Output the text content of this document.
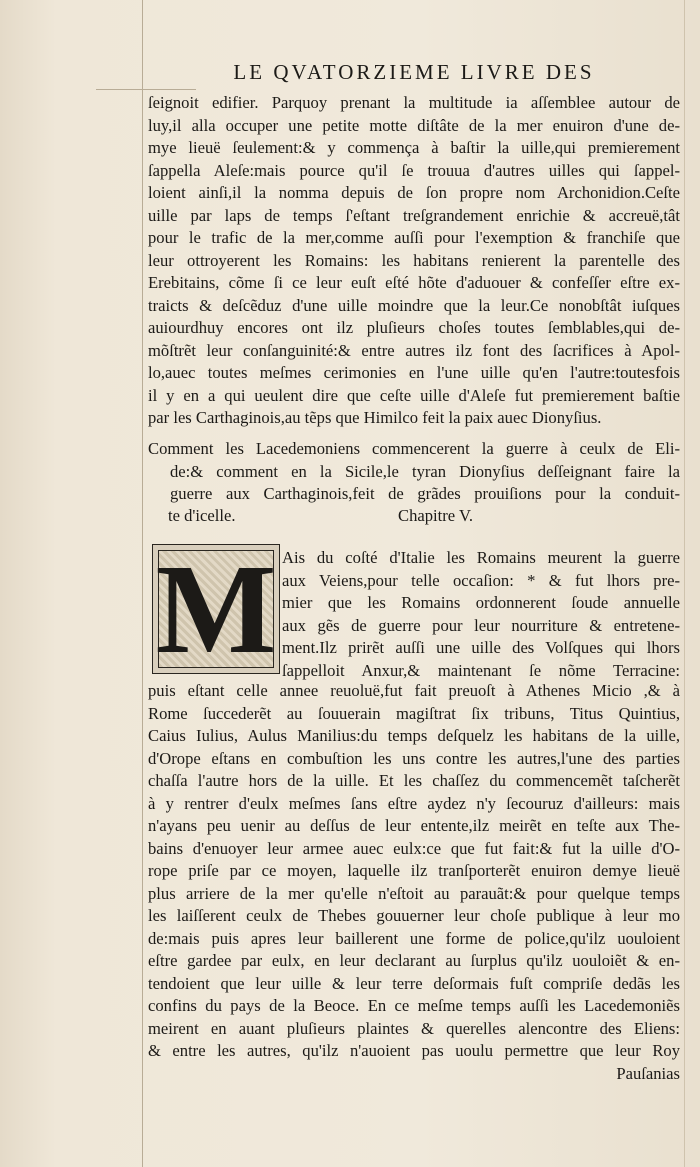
LE QVATORZIEME LIVRE DES
ſeignoit edifier. Parquoy prenant la multitude ia aſſemblee autour de
luy,il alla occuper une petite motte diſtâte de la mer enuiron d'une de-
mye lieuë ſeulement:& y commença à baſtir la uille,qui premierement
ſappella Aleſe:mais pource qu'il ſe trouua d'autres uilles qui ſappel-
loient ainſi,il la nomma depuis de ſon propre nom Archonidion.Ceſte
uille par laps de temps ſ'eſtant treſgrandement enrichie & accreuë,tât
pour le trafic de la mer,comme auſſi pour l'exemption & franchiſe que
leur ottroyerent les Romains: les habitans renierent la parentelle des
Erebitains, cõme ſi ce leur euſt eſté hõte d'aduouer & confeſſer eſtre ex-
traicts & deſcẽduz d'une uille moindre que la leur.Ce nonobſtât iuſques
auiourdhuy encores ont ilz pluſieurs choſes toutes ſemblables,qui de-
mõſtrẽt leur conſanguinité:& entre autres ilz font des ſacrifices à Apol-
lo,auec toutes meſmes cerimonies en l'une uille qu'en l'autre:toutesfois
il y en a qui ueulent dire que ceſte uille d'Aleſe fut premierement baſtie
par les Carthaginois,au tẽps que Himilco feit la paix auec Dionyſius.
Comment les Lacedemoniens commencerent la guerre à ceulx de Eli-
de:& comment en la Sicile,le tyran Dionyſius deſſeignant faire la
guerre aux Carthaginois,feit de grãdes prouiſions pour la conduit-
te d'icelle.	Chapitre V.
M Ais du coſté d'Italie les Romains meurent la guerre
aux Veiens,pour telle occaſion: * & fut lhors pre-
mier que les Romains ordonnerent ſoude annuelle
aux gẽs de guerre pour leur nourriture & entretene-
ment.Ilz prirẽt auſſi une uille des Volſques qui lhors
ſappelloit Anxur,& maintenant ſe nõme Terracine:
puis eſtant celle annee reuoluë,fut fait preuoſt à Athenes Micio ,& à
Rome ſuccederẽt au ſouuerain magiſtrat ſix tribuns, Titus Quintius,
Caius Iulius, Aulus Manilius:du temps deſquelz les habitans de la uille,
d'Orope eſtans en combuſtion les uns contre les autres,l'une des parties
chaſſa l'autre hors de la uille. Et les chaſſez du commencemẽt taſcherẽt
à y rentrer d'eulx meſmes ſans eſtre aydez n'y ſecouruz d'ailleurs: mais
n'ayans peu uenir au deſſus de leur entente,ilz meirẽt en teſte aux The-
bains d'enuoyer leur armee auec eulx:ce que fut fait:& fut la uille d'O-
rope priſe par ce moyen, laquelle ilz tranſporterẽt enuiron demye lieuë
plus arriere de la mer qu'elle n'eſtoit au parauãt:& pour quelque temps
les laiſſerent ceulx de Thebes gouuerner leur choſe publique à leur mo
de:mais puis apres leur baillerent une forme de police,qu'ilz uouloient
eſtre gardee par eulx, en leur declarant au ſurplus qu'ilz uouloiẽt & en-
tendoient que leur uille & leur terre deſormais fuſt compriſe dedãs les
confins du pays de la Beoce. En ce meſme temps auſſi les Lacedemoniẽs
meirent en auant pluſieurs plaintes & querelles alencontre des Eliens:
& entre les autres, qu'ilz n'auoient pas uoulu permettre que leur Roy
Pauſanias
